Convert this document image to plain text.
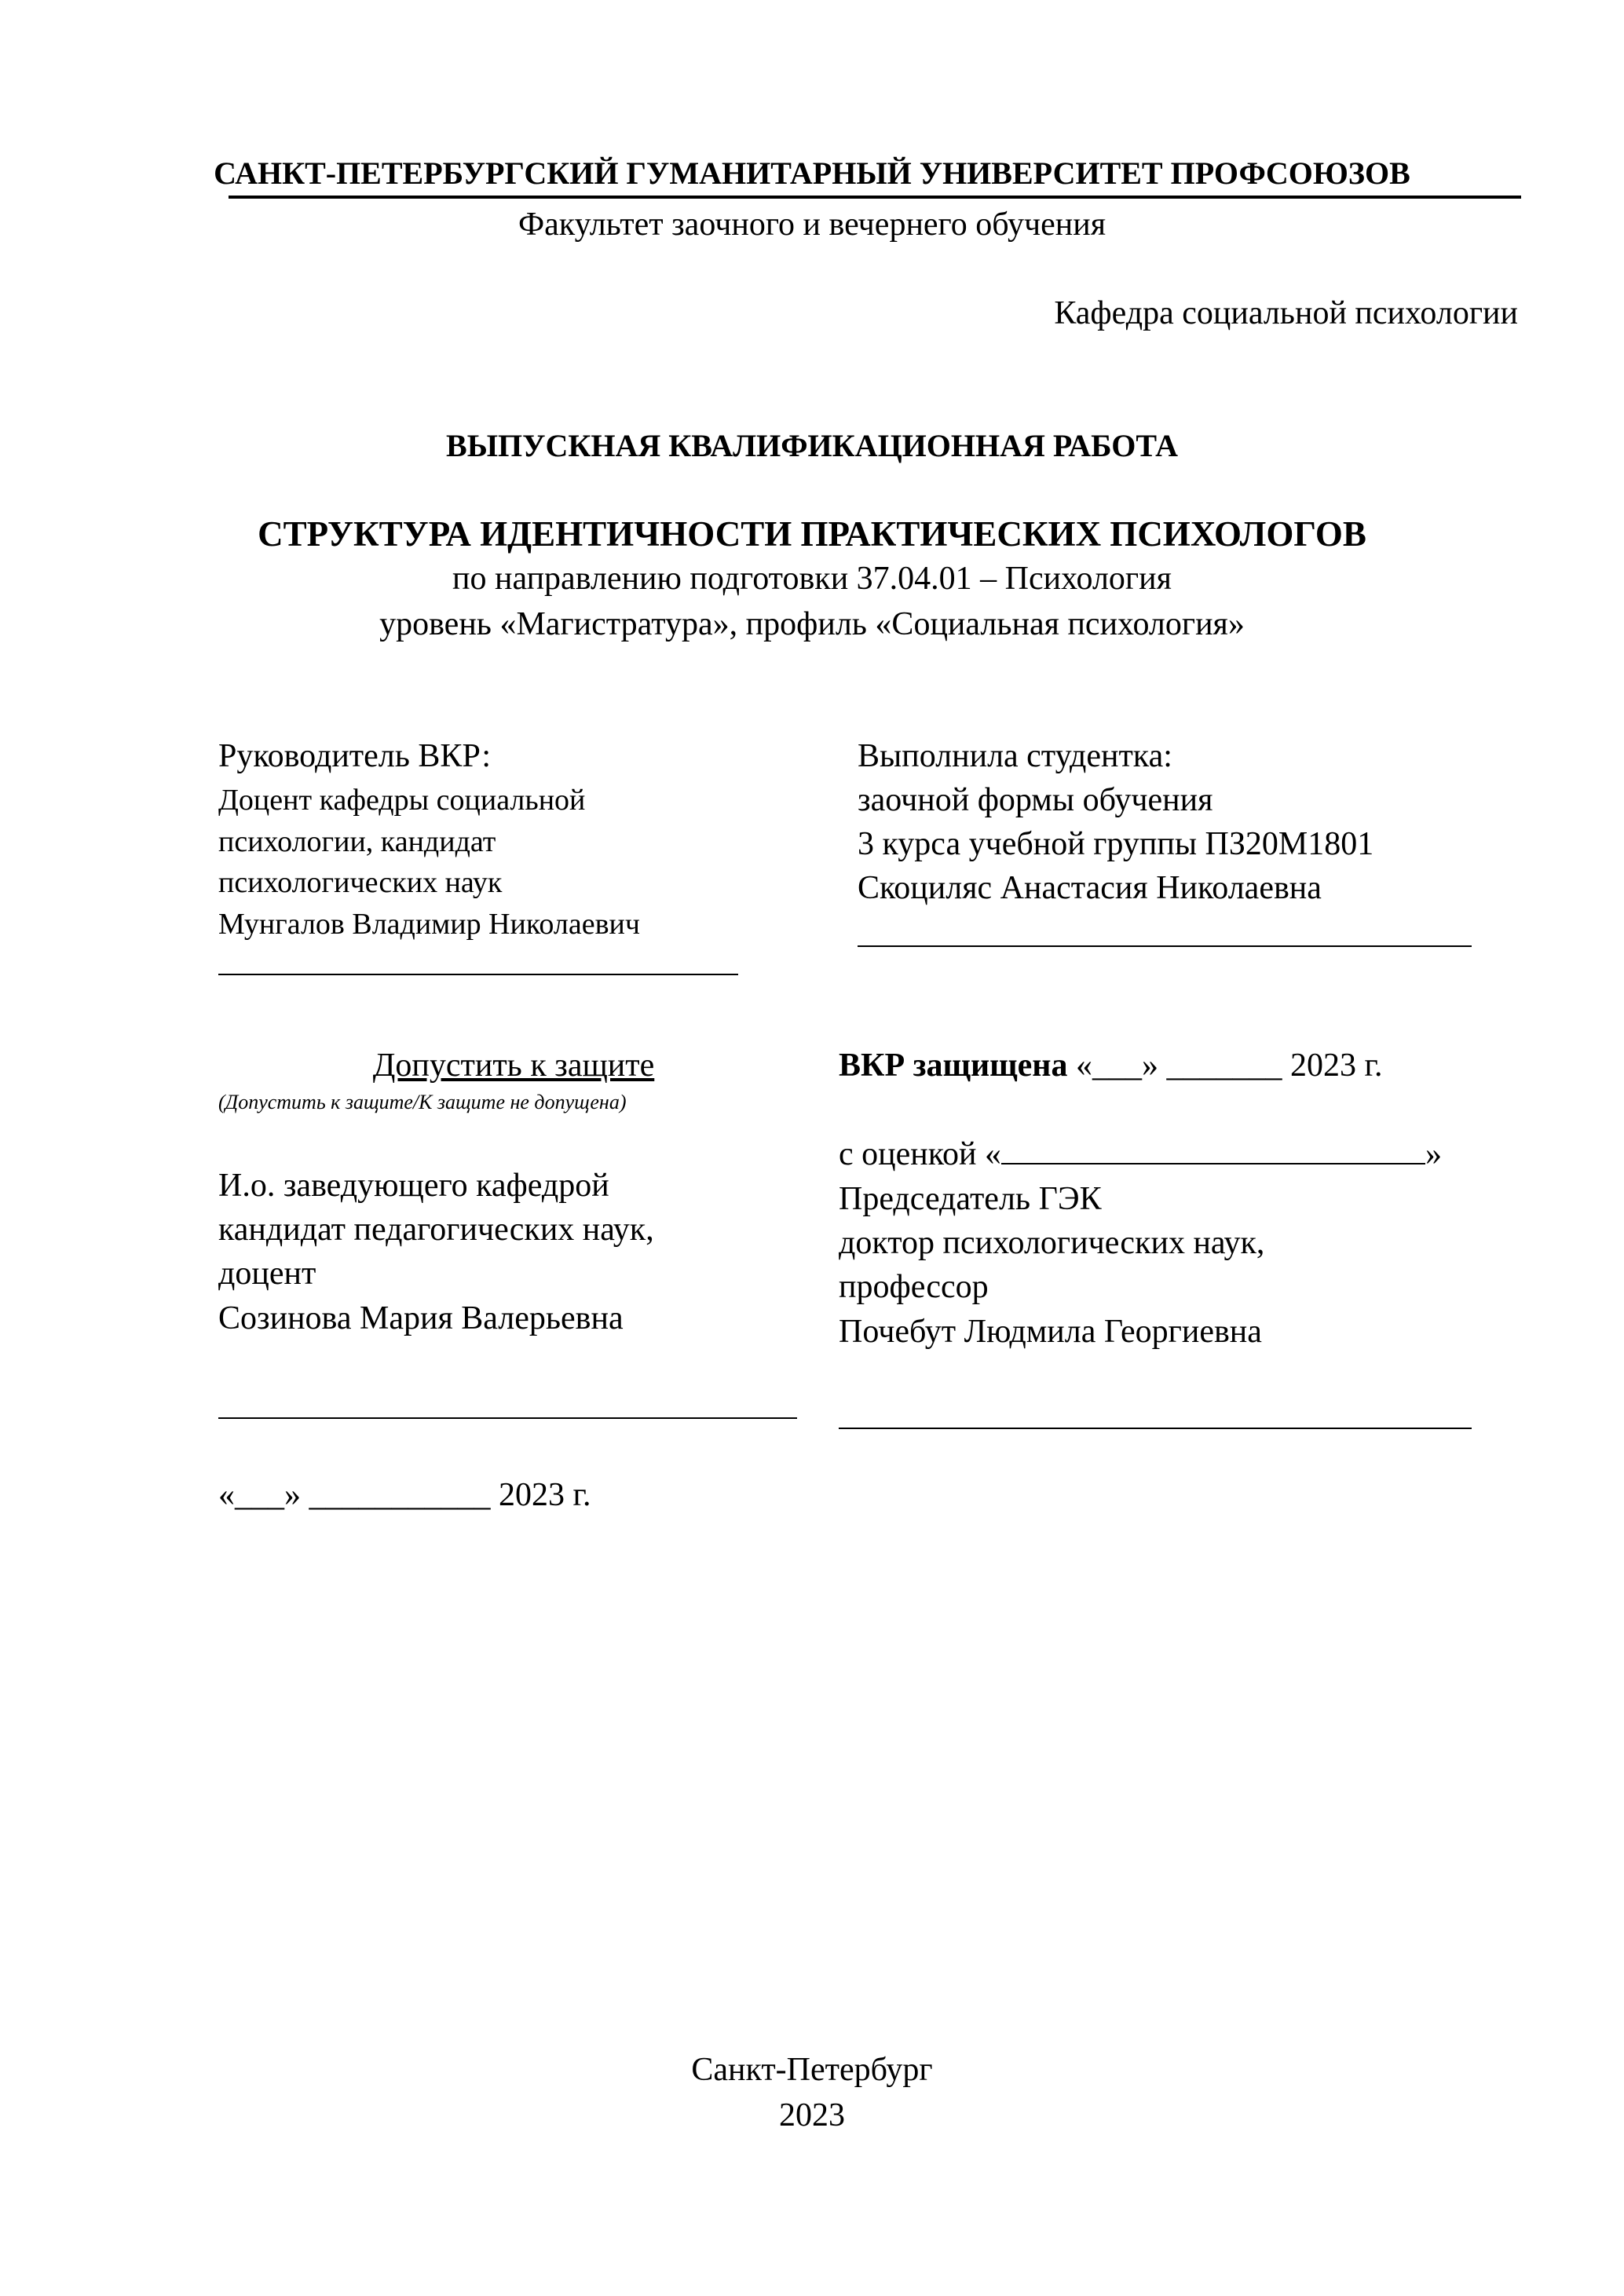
САНКТ-ПЕТЕРБУРГСКИЙ ГУМАНИТАРНЫЙ УНИВЕРСИТЕТ ПРОФСОЮЗОВ
Факультет заочного и вечернего обучения
Кафедра социальной психологии
ВЫПУСКНАЯ КВАЛИФИКАЦИОННАЯ РАБОТА
СТРУКТУРА ИДЕНТИЧНОСТИ ПРАКТИЧЕСКИХ ПСИХОЛОГОВ
по направлению подготовки 37.04.01 – Психология
уровень «Магистратура», профиль «Социальная психология»
Руководитель ВКР:
Доцент кафедры социальной
психологии, кандидат
психологических наук
Мунгалов Владимир Николаевич
Выполнила студентка:
заочной формы обучения
3 курса учебной группы ПЗ20М1801
Скоциляс Анастасия Николаевна
Допустить к защите
(Допустить к защите/К защите не допущена)
И.о. заведующего кафедрой
кандидат педагогических наук,
доцент
Созинова Мария Валерьевна
«___» ___________ 2023 г.
ВКР защищена «___» _______ 2023 г.
с оценкой «	»
Председатель ГЭК
доктор психологических наук,
профессор
Почебут Людмила Георгиевна
Санкт-Петербург
2023
